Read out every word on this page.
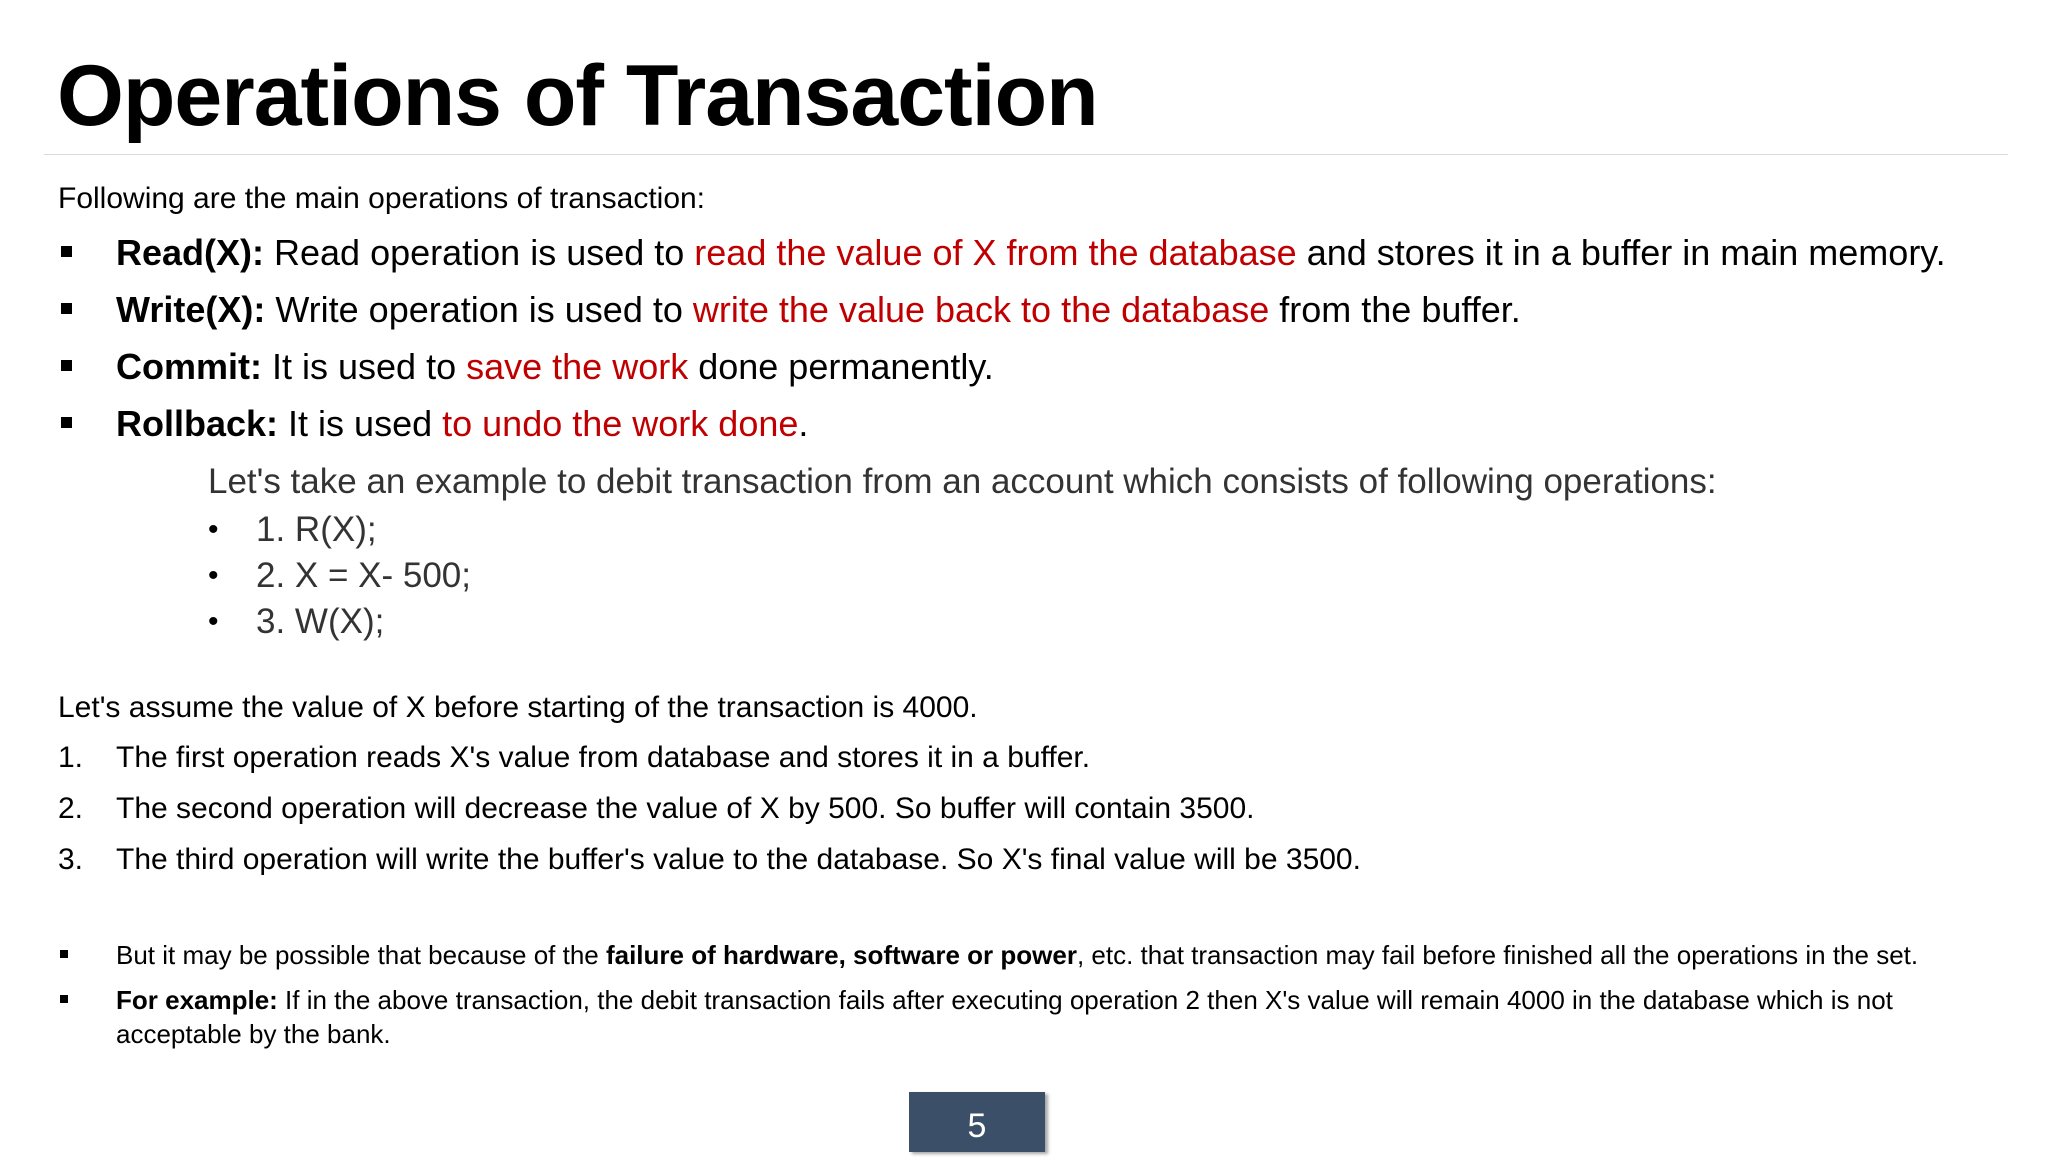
Operations of Transaction
Following are the main operations of transaction:
Read(X): Read operation is used to read the value of X from the database and stores it in a buffer in main memory.
Write(X): Write operation is used to write the value back to the database from the buffer.
Commit: It is used to save the work done permanently.
Rollback: It is used to undo the work done.
Let's take an example to debit transaction from an account which consists of following operations:
• 1. R(X);
• 2. X = X- 500;
• 3. W(X);
Let's assume the value of X before starting of the transaction is 4000.
1. The first operation reads X's value from database and stores it in a buffer.
2. The second operation will decrease the value of X by 500. So buffer will contain 3500.
3. The third operation will write the buffer's value to the database. So X's final value will be 3500.
But it may be possible that because of the failure of hardware, software or power, etc. that transaction may fail before finished all the operations in the set.
For example: If in the above transaction, the debit transaction fails after executing operation 2 then X's value will remain 4000 in the database which is not acceptable by the bank.
5
